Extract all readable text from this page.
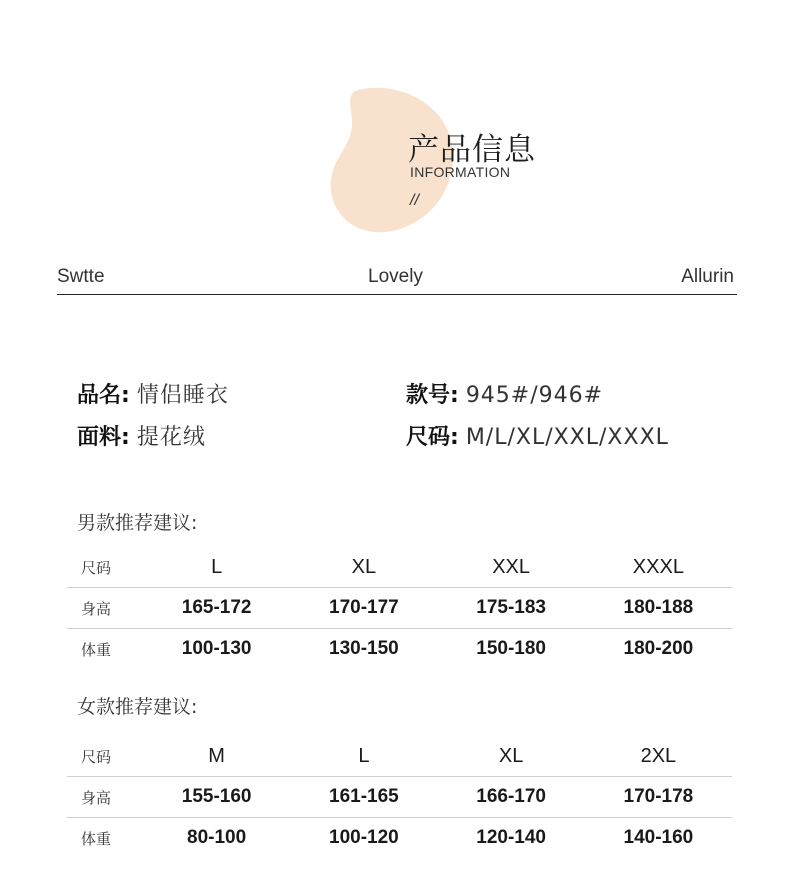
产品信息
INFORMATION
//
Swtte	Lovely	Allurin
品名: 情侣睡衣
面料: 提花绒
款号: 945#/946#
尺码: M/L/XL/XXL/XXXL
男款推荐建议:
尺码	L	XL	XXL	XXXL
身高	165-172	170-177	175-183	180-188
体重	100-130	130-150	150-180	180-200
女款推荐建议:
尺码	M	L	XL	2XL
身高	155-160	161-165	166-170	170-178
体重	80-100	100-120	120-140	140-160
